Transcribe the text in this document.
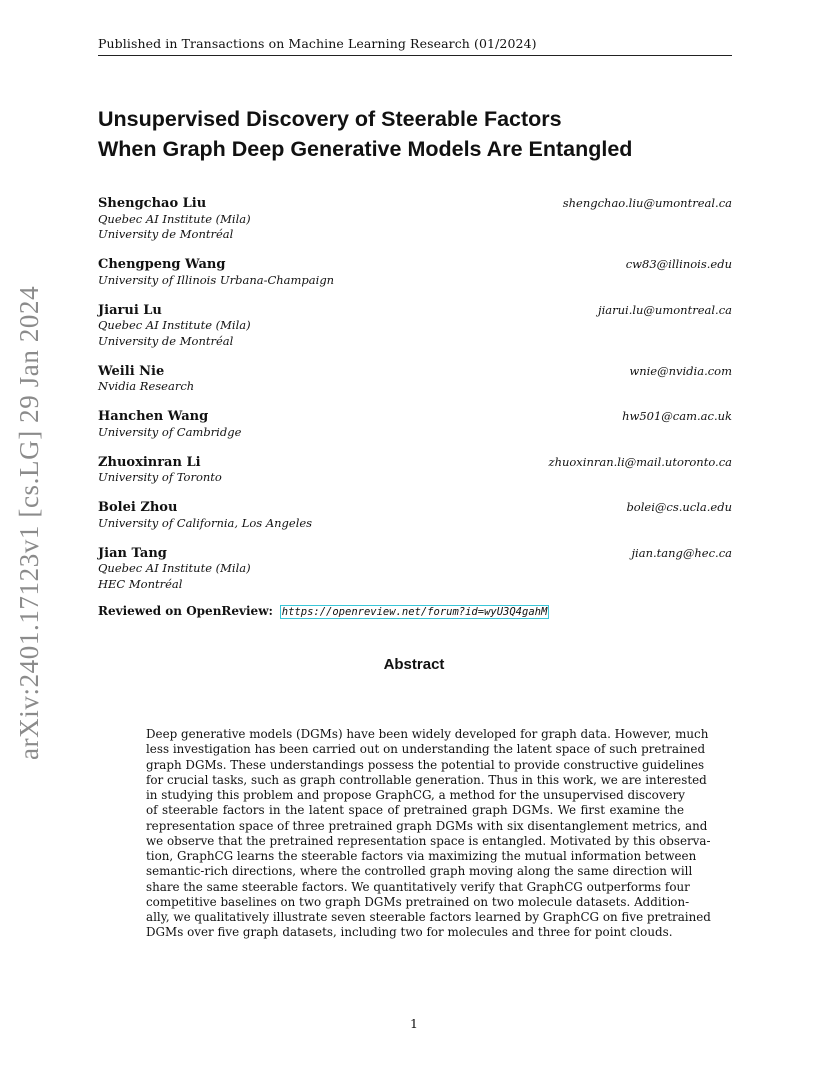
Published in Transactions on Machine Learning Research (01/2024)
arXiv:2401.17123v1 [cs.LG] 29 Jan 2024
Unsupervised Discovery of Steerable Factors
When Graph Deep Generative Models Are Entangled
Shengchao Liu	shengchao.liu@umontreal.ca
Quebec AI Institute (Mila)
University de Montréal
Chengpeng Wang	cw83@illinois.edu
University of Illinois Urbana-Champaign
Jiarui Lu	jiarui.lu@umontreal.ca
Quebec AI Institute (Mila)
University de Montréal
Weili Nie	wnie@nvidia.com
Nvidia Research
Hanchen Wang	hw501@cam.ac.uk
University of Cambridge
Zhuoxinran Li	zhuoxinran.li@mail.utoronto.ca
University of Toronto
Bolei Zhou	bolei@cs.ucla.edu
University of California, Los Angeles
Jian Tang	jian.tang@hec.ca
Quebec AI Institute (Mila)
HEC Montréal
Reviewed on OpenReview: https://openreview.net/forum?id=wyU3Q4gahM
Abstract
Deep generative models (DGMs) have been widely developed for graph data. However, much
less investigation has been carried out on understanding the latent space of such pretrained
graph DGMs. These understandings possess the potential to provide constructive guidelines
for crucial tasks, such as graph controllable generation. Thus in this work, we are interested
in studying this problem and propose GraphCG, a method for the unsupervised discovery
of steerable factors in the latent space of pretrained graph DGMs. We first examine the
representation space of three pretrained graph DGMs with six disentanglement metrics, and
we observe that the pretrained representation space is entangled. Motivated by this observa-
tion, GraphCG learns the steerable factors via maximizing the mutual information between
semantic-rich directions, where the controlled graph moving along the same direction will
share the same steerable factors. We quantitatively verify that GraphCG outperforms four
competitive baselines on two graph DGMs pretrained on two molecule datasets. Addition-
ally, we qualitatively illustrate seven steerable factors learned by GraphCG on five pretrained
DGMs over five graph datasets, including two for molecules and three for point clouds.
1
